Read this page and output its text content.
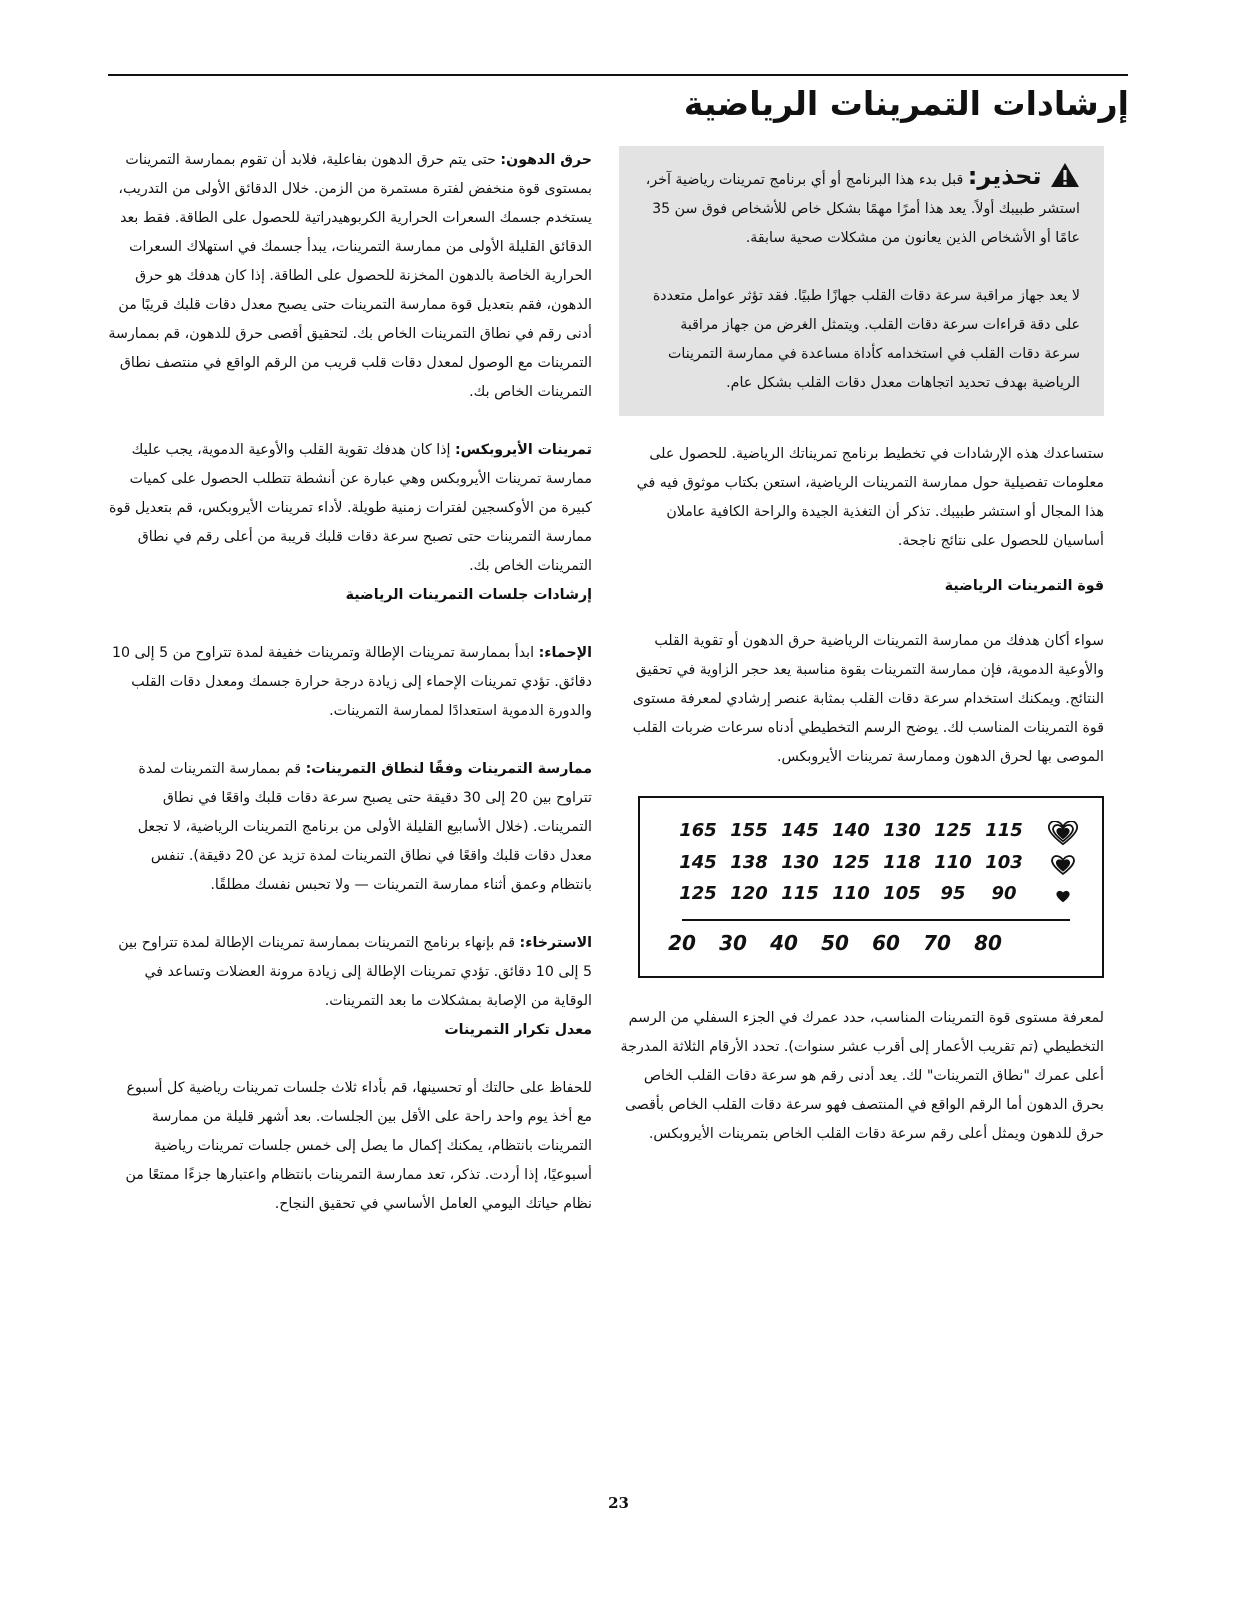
إرشادات التمرينات الرياضية

تحذير: قبل بدء هذا البرنامج أو أي برنامج تمرينات رياضية آخر، استشر طبيبك أولاً. يعد هذا أمرًا مهمًا بشكل خاص للأشخاص فوق سن 35 عامًا أو الأشخاص الذين يعانون من مشكلات صحية سابقة.

لا يعد جهاز مراقبة سرعة دقات القلب جهازًا طبيًا. فقد تؤثر عوامل متعددة على دقة قراءات سرعة دقات القلب. ويتمثل الغرض من جهاز مراقبة سرعة دقات القلب في استخدامه كأداة مساعدة في ممارسة التمرينات الرياضية بهدف تحديد اتجاهات معدل دقات القلب بشكل عام.

ستساعدك هذه الإرشادات في تخطيط برنامج تمريناتك الرياضية. للحصول على معلومات تفصيلية حول ممارسة التمرينات الرياضية، استعن بكتاب موثوق فيه في هذا المجال أو استشر طبيبك. تذكر أن التغذية الجيدة والراحة الكافية عاملان أساسيان للحصول على نتائج ناجحة.

قوة التمرينات الرياضية

سواء أكان هدفك من ممارسة التمرينات الرياضية حرق الدهون أو تقوية القلب والأوعية الدموية، فإن ممارسة التمرينات بقوة مناسبة يعد حجر الزاوية في تحقيق النتائج. ويمكنك استخدام سرعة دقات القلب بمثابة عنصر إرشادي لمعرفة مستوى قوة التمرينات المناسب لك. يوضح الرسم التخطيطي أدناه سرعات ضربات القلب الموصى بها لحرق الدهون وممارسة تمرينات الأيروبكس.

165 155 145 140 130 125 115
145 138 130 125 118 110 103
125 120 115 110 105	95	90
20	30	40	50	60	70	80

لمعرفة مستوى قوة التمرينات المناسب، حدد عمرك في الجزء السفلي من الرسم التخطيطي (تم تقريب الأعمار إلى أقرب عشر سنوات). تحدد الأرقام الثلاثة المدرجة أعلى عمرك "نطاق التمرينات" لك. يعد أدنى رقم هو سرعة دقات القلب الخاص بحرق الدهون أما الرقم الواقع في المنتصف فهو سرعة دقات القلب الخاص بأقصى حرق للدهون ويمثل أعلى رقم سرعة دقات القلب الخاص بتمرينات الأيروبكس.

حرق الدهون: حتى يتم حرق الدهون بفاعلية، فلابد أن تقوم بممارسة التمرينات بمستوى قوة منخفض لفترة مستمرة من الزمن. خلال الدقائق الأولى من التدريب، يستخدم جسمك السعرات الحرارية الكربوهيدراتية للحصول على الطاقة. فقط بعد الدقائق القليلة الأولى من ممارسة التمرينات، يبدأ جسمك في استهلاك السعرات الحرارية الخاصة بالدهون المخزنة للحصول على الطاقة. إذا كان هدفك هو حرق الدهون، فقم بتعديل قوة ممارسة التمرينات حتى يصبح معدل دقات قلبك قريبًا من أدنى رقم في نطاق التمرينات الخاص بك. لتحقيق أقصى حرق للدهون، قم بممارسة التمرينات مع الوصول لمعدل دقات قلب قريب من الرقم الواقع في منتصف نطاق التمرينات الخاص بك.

تمرينات الأيروبكس: إذا كان هدفك تقوية القلب والأوعية الدموية، يجب عليك ممارسة تمرينات الأيروبكس وهي عبارة عن أنشطة تتطلب الحصول على كميات كبيرة من الأوكسجين لفترات زمنية طويلة. لأداء تمرينات الأيروبكس، قم بتعديل قوة ممارسة التمرينات حتى تصبح سرعة دقات قلبك قريبة من أعلى رقم في نطاق التمرينات الخاص بك.

إرشادات جلسات التمرينات الرياضية

الإحماء: ابدأ بممارسة تمرينات الإطالة وتمرينات خفيفة لمدة تتراوح من 5 إلى 10 دقائق. تؤدي تمرينات الإحماء إلى زيادة درجة حرارة جسمك ومعدل دقات القلب والدورة الدموية استعدادًا لممارسة التمرينات.

ممارسة التمرينات وفقًا لنطاق التمرينات: قم بممارسة التمرينات لمدة تتراوح بين 20 إلى 30 دقيقة حتى يصبح سرعة دقات قلبك واقعًا في نطاق التمرينات. (خلال الأسابيع القليلة الأولى من برنامج التمرينات الرياضية، لا تجعل معدل دقات قلبك واقعًا في نطاق التمرينات لمدة تزيد عن 20 دقيقة). تنفس بانتظام وعمق أثناء ممارسة التمرينات — ولا تحبس نفسك مطلقًا.

الاسترخاء: قم بإنهاء برنامج التمرينات بممارسة تمرينات الإطالة لمدة تتراوح بين 5 إلى 10 دقائق. تؤدي تمرينات الإطالة إلى زيادة مرونة العضلات وتساعد في الوقاية من الإصابة بمشكلات ما بعد التمرينات.

معدل تكرار التمرينات

للحفاظ على حالتك أو تحسينها، قم بأداء ثلاث جلسات تمرينات رياضية كل أسبوع مع أخذ يوم واحد راحة على الأقل بين الجلسات. بعد أشهر قليلة من ممارسة التمرينات بانتظام، يمكنك إكمال ما يصل إلى خمس جلسات تمرينات رياضية أسبوعيًا، إذا أردت. تذكر، تعد ممارسة التمرينات بانتظام واعتبارها جزءًا ممتعًا من نظام حياتك اليومي العامل الأساسي في تحقيق النجاح.

23
